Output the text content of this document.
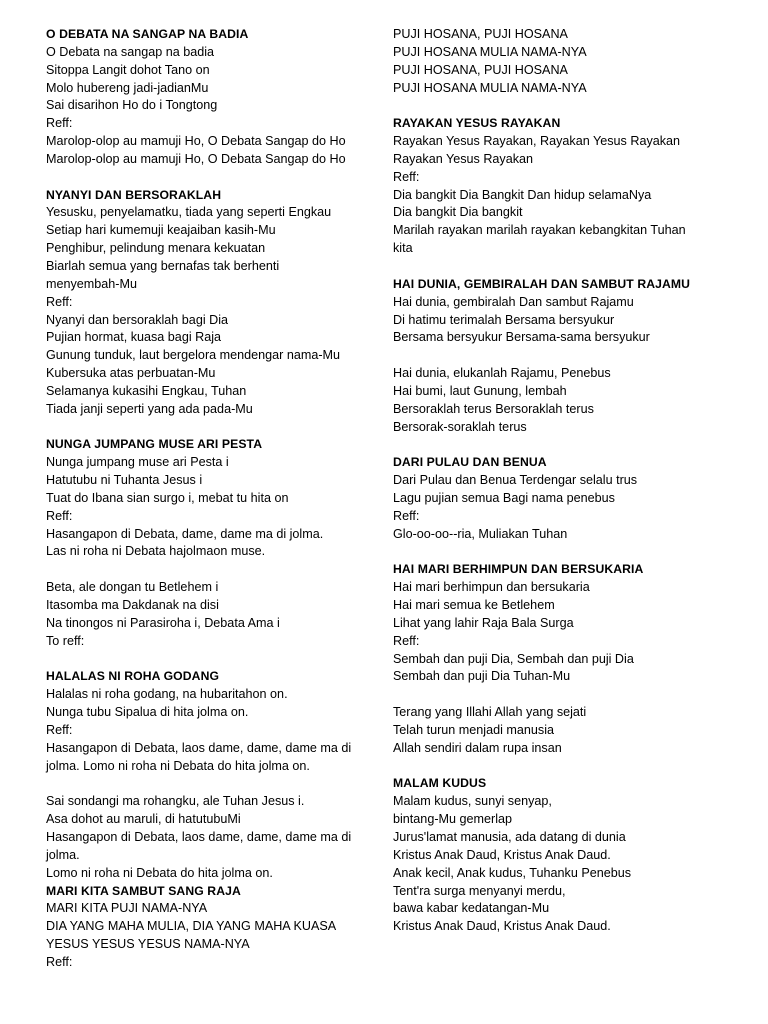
O DEBATA NA SANGAP NA BADIA
O Debata na sangap na badia
Sitoppa Langit dohot Tano on
Molo hubereng jadi-jadianMu
Sai disarihon Ho do i Tongtong
Reff:
Marolop-olop au mamuji Ho, O Debata Sangap do Ho
Marolop-olop au mamuji Ho, O Debata Sangap do Ho
NYANYI DAN BERSORAKLAH
Yesusku, penyelamatku, tiada yang seperti Engkau
Setiap hari kumemuji keajaiban kasih-Mu
Penghibur, pelindung menara kekuatan
Biarlah semua yang bernafas tak berhenti
menyembah-Mu
Reff:
Nyanyi dan bersoraklah bagi Dia
Pujian hormat, kuasa bagi Raja
Gunung tunduk, laut bergelora mendengar nama-Mu
Kubersuka atas perbuatan-Mu
Selamanya kukasihi Engkau, Tuhan
Tiada janji seperti yang ada pada-Mu
NUNGA JUMPANG MUSE ARI PESTA
Nunga jumpang muse ari Pesta i
Hatutubu ni Tuhanta Jesus i
Tuat do Ibana sian surgo i, mebat tu hita on
Reff:
Hasangapon di Debata, dame, dame ma di jolma.
Las ni roha ni Debata hajolmaon muse.
Beta, ale dongan tu Betlehem i
Itasomba ma Dakdanak na disi
Na tinongos ni Parasiroha i, Debata Ama i
To reff:
HALALAS NI ROHA GODANG
Halalas ni roha godang, na hubaritahon on.
Nunga tubu Sipalua di hita jolma on.
Reff:
Hasangapon di Debata, laos dame, dame, dame ma di
jolma. Lomo ni roha ni Debata do hita jolma on.
Sai sondangi ma rohangku, ale Tuhan Jesus i.
Asa dohot au maruli, di hatutubuMi
Hasangapon di Debata, laos dame, dame, dame ma di
jolma.
Lomo ni roha ni Debata do hita jolma on.
MARI KITA SAMBUT SANG RAJA
MARI KITA PUJI NAMA-NYA
DIA YANG MAHA MULIA, DIA YANG MAHA KUASA
YESUS YESUS YESUS NAMA-NYA
Reff:
PUJI HOSANA, PUJI HOSANA
PUJI HOSANA MULIA NAMA-NYA
PUJI HOSANA, PUJI HOSANA
PUJI HOSANA MULIA NAMA-NYA
RAYAKAN YESUS RAYAKAN
Rayakan Yesus Rayakan, Rayakan Yesus Rayakan
Rayakan Yesus Rayakan
Reff:
Dia bangkit Dia Bangkit Dan hidup selamaNya
Dia bangkit Dia bangkit
Marilah rayakan marilah rayakan kebangkitan Tuhan
kita
HAI DUNIA, GEMBIRALAH DAN SAMBUT RAJAMU
Hai dunia, gembiralah Dan sambut Rajamu
Di hatimu terimalah Bersama bersyukur
Bersama bersyukur Bersama-sama bersyukur
Hai dunia, elukanlah Rajamu, Penebus
Hai bumi, laut Gunung, lembah
Bersoraklah terus Bersoraklah terus
Bersorak-soraklah terus
DARI PULAU DAN BENUA
Dari Pulau dan Benua Terdengar selalu trus
Lagu pujian semua Bagi nama penebus
Reff:
Glo-oo-oo--ria, Muliakan Tuhan
HAI MARI BERHIMPUN DAN BERSUKARIA
Hai mari berhimpun dan bersukaria
Hai mari semua ke Betlehem
Lihat yang lahir Raja Bala Surga
Reff:
Sembah dan puji Dia, Sembah dan puji Dia
Sembah dan puji Dia Tuhan-Mu
Terang yang Illahi Allah yang sejati
Telah turun menjadi manusia
Allah sendiri dalam rupa insan
MALAM KUDUS
Malam kudus, sunyi senyap,
bintang-Mu gemerlap
Jurus'lamat manusia, ada datang di dunia
Kristus Anak Daud, Kristus Anak Daud.
Anak kecil, Anak kudus, Tuhanku Penebus
Tent'ra surga menyanyi merdu,
bawa kabar kedatangan-Mu
Kristus Anak Daud, Kristus Anak Daud.
